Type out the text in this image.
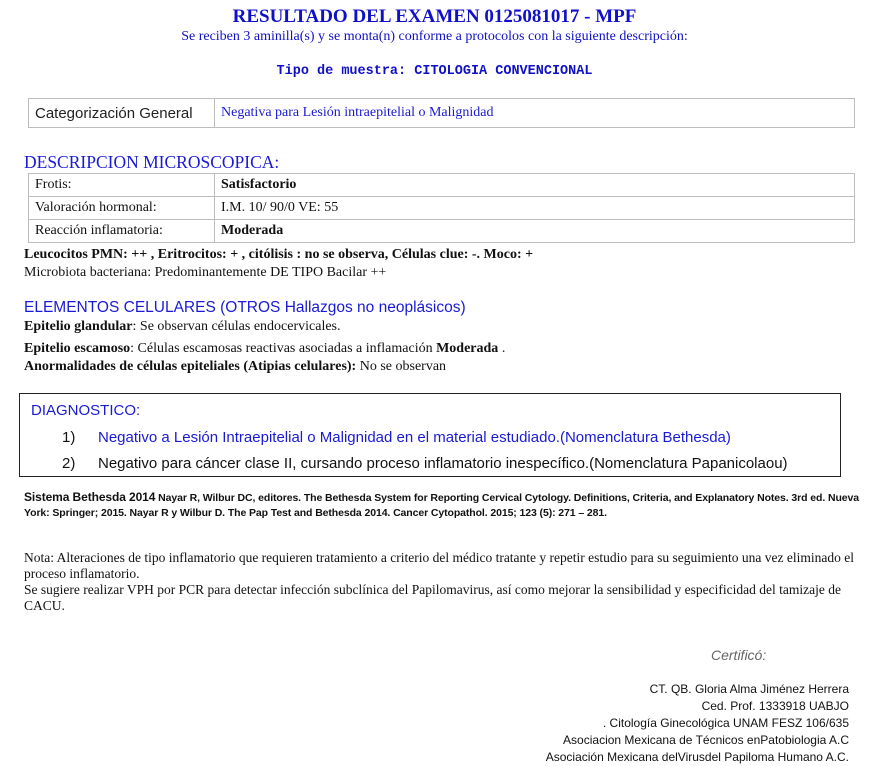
RESULTADO DEL EXAMEN 0125081017 - MPF
Se reciben 3 aminilla(s) y se monta(n) conforme a protocolos con la siguiente descripción:
Tipo de muestra: CITOLOGIA CONVENCIONAL
Categorización General	Negativa para Lesión intraepitelial o Malignidad
DESCRIPCION MICROSCOPICA:
Frotis:	Satisfactorio
Valoración hormonal:	I.M. 10/ 90/0 VE: 55
Reacción inflamatoria:	Moderada
Leucocitos PMN: ++ , Eritrocitos: + , citólisis : no se observa, Células clue: -. Moco: +
Microbiota bacteriana: Predominantemente DE TIPO Bacilar ++
ELEMENTOS CELULARES (OTROS Hallazgos no neoplásicos)
Epitelio glandular: Se observan células endocervicales.
Epitelio escamoso: Células escamosas reactivas asociadas a inflamación Moderada .
Anormalidades de células epiteliales (Atipias celulares): No se observan
DIAGNOSTICO:
1) Negativo a Lesión Intraepitelial o Malignidad en el material estudiado.(Nomenclatura Bethesda)
2) Negativo para cáncer clase II, cursando proceso inflamatorio inespecífico.(Nomenclatura Papanicolaou)
Sistema Bethesda 2014 Nayar R, Wilbur DC, editores. The Bethesda System for Reporting Cervical Cytology. Definitions, Criteria, and Explanatory Notes. 3rd ed. Nueva York: Springer; 2015. Nayar R y Wilbur D. The Pap Test and Bethesda 2014. Cancer Cytopathol. 2015; 123 (5): 271 – 281.
Nota: Alteraciones de tipo inflamatorio que requieren tratamiento a criterio del médico tratante y repetir estudio para su seguimiento una vez eliminado el proceso inflamatorio.
Se sugiere realizar VPH por PCR para detectar infección subclínica del Papilomavirus, así como mejorar la sensibilidad y especificidad del tamizaje de CACU.
Certificó:
CT. QB. Gloria Alma Jiménez Herrera
Ced. Prof. 1333918 UABJO
. Citología Ginecológica UNAM FESZ 106/635
Asociacion Mexicana de Técnicos enPatobiologia A.C
Asociación Mexicana delVirusdel Papiloma Humano A.C.
